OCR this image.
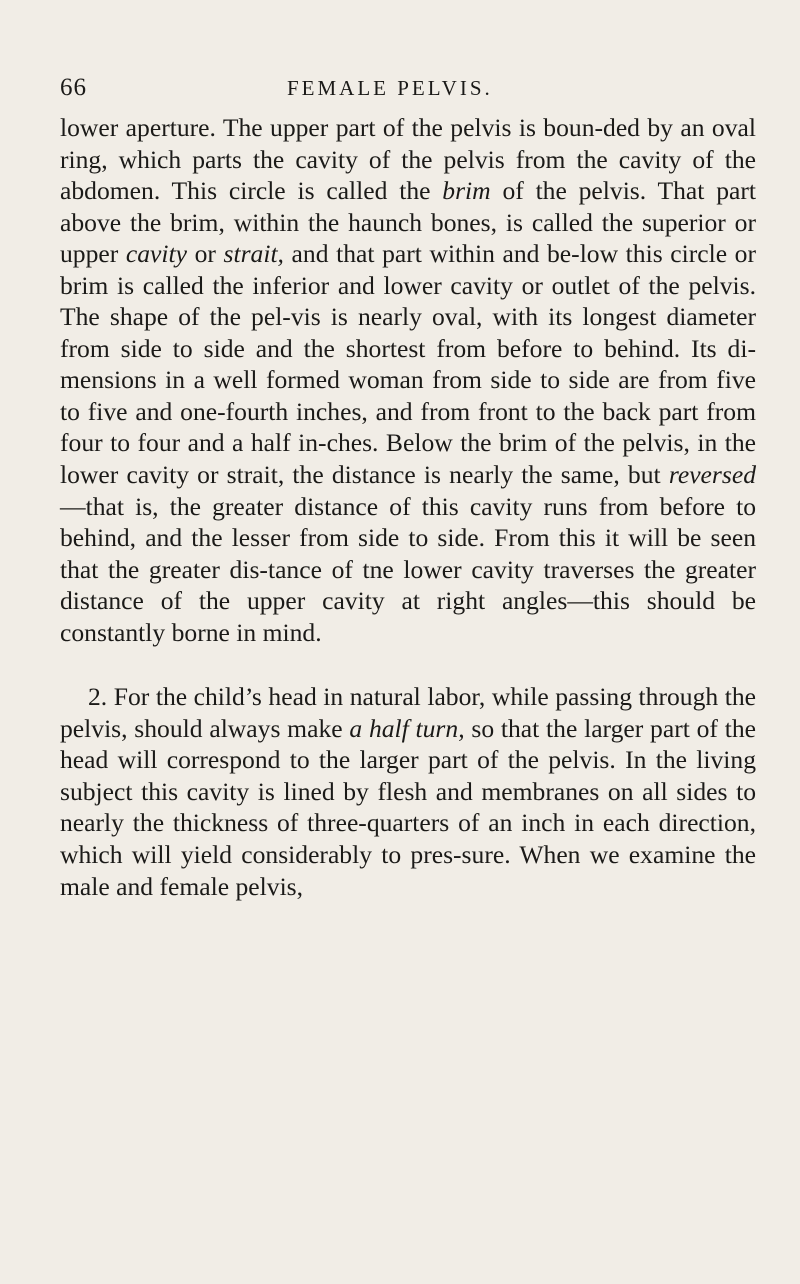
66	FEMALE PELVIS.

lower aperture. The upper part of the pelvis is boun-ded by an oval ring, which parts the cavity of the pelvis from the cavity of the abdomen. This circle is called the brim of the pelvis. That part above the brim, within the haunch bones, is called the superior or upper cavity or strait, and that part within and be-low this circle or brim is called the inferior and lower cavity or outlet of the pelvis. The shape of the pel-vis is nearly oval, with its longest diameter from side to side and the shortest from before to behind. Its di-mensions in a well formed woman from side to side are from five to five and one-fourth inches, and from front to the back part from four to four and a half in-ches. Below the brim of the pelvis, in the lower cavity or strait, the distance is nearly the same, but reversed—that is, the greater distance of this cavity runs from before to behind, and the lesser from side to side. From this it will be seen that the greater dis-tance of tne lower cavity traverses the greater distance of the upper cavity at right angles—this should be constantly borne in mind.

2. For the child’s head in natural labor, while passing through the pelvis, should always make a half turn, so that the larger part of the head will correspond to the larger part of the pelvis. In the living subject this cavity is lined by flesh and membranes on all sides to nearly the thickness of three-quarters of an inch in each direction, which will yield considerably to pres-sure. When we examine the male and female pelvis,
